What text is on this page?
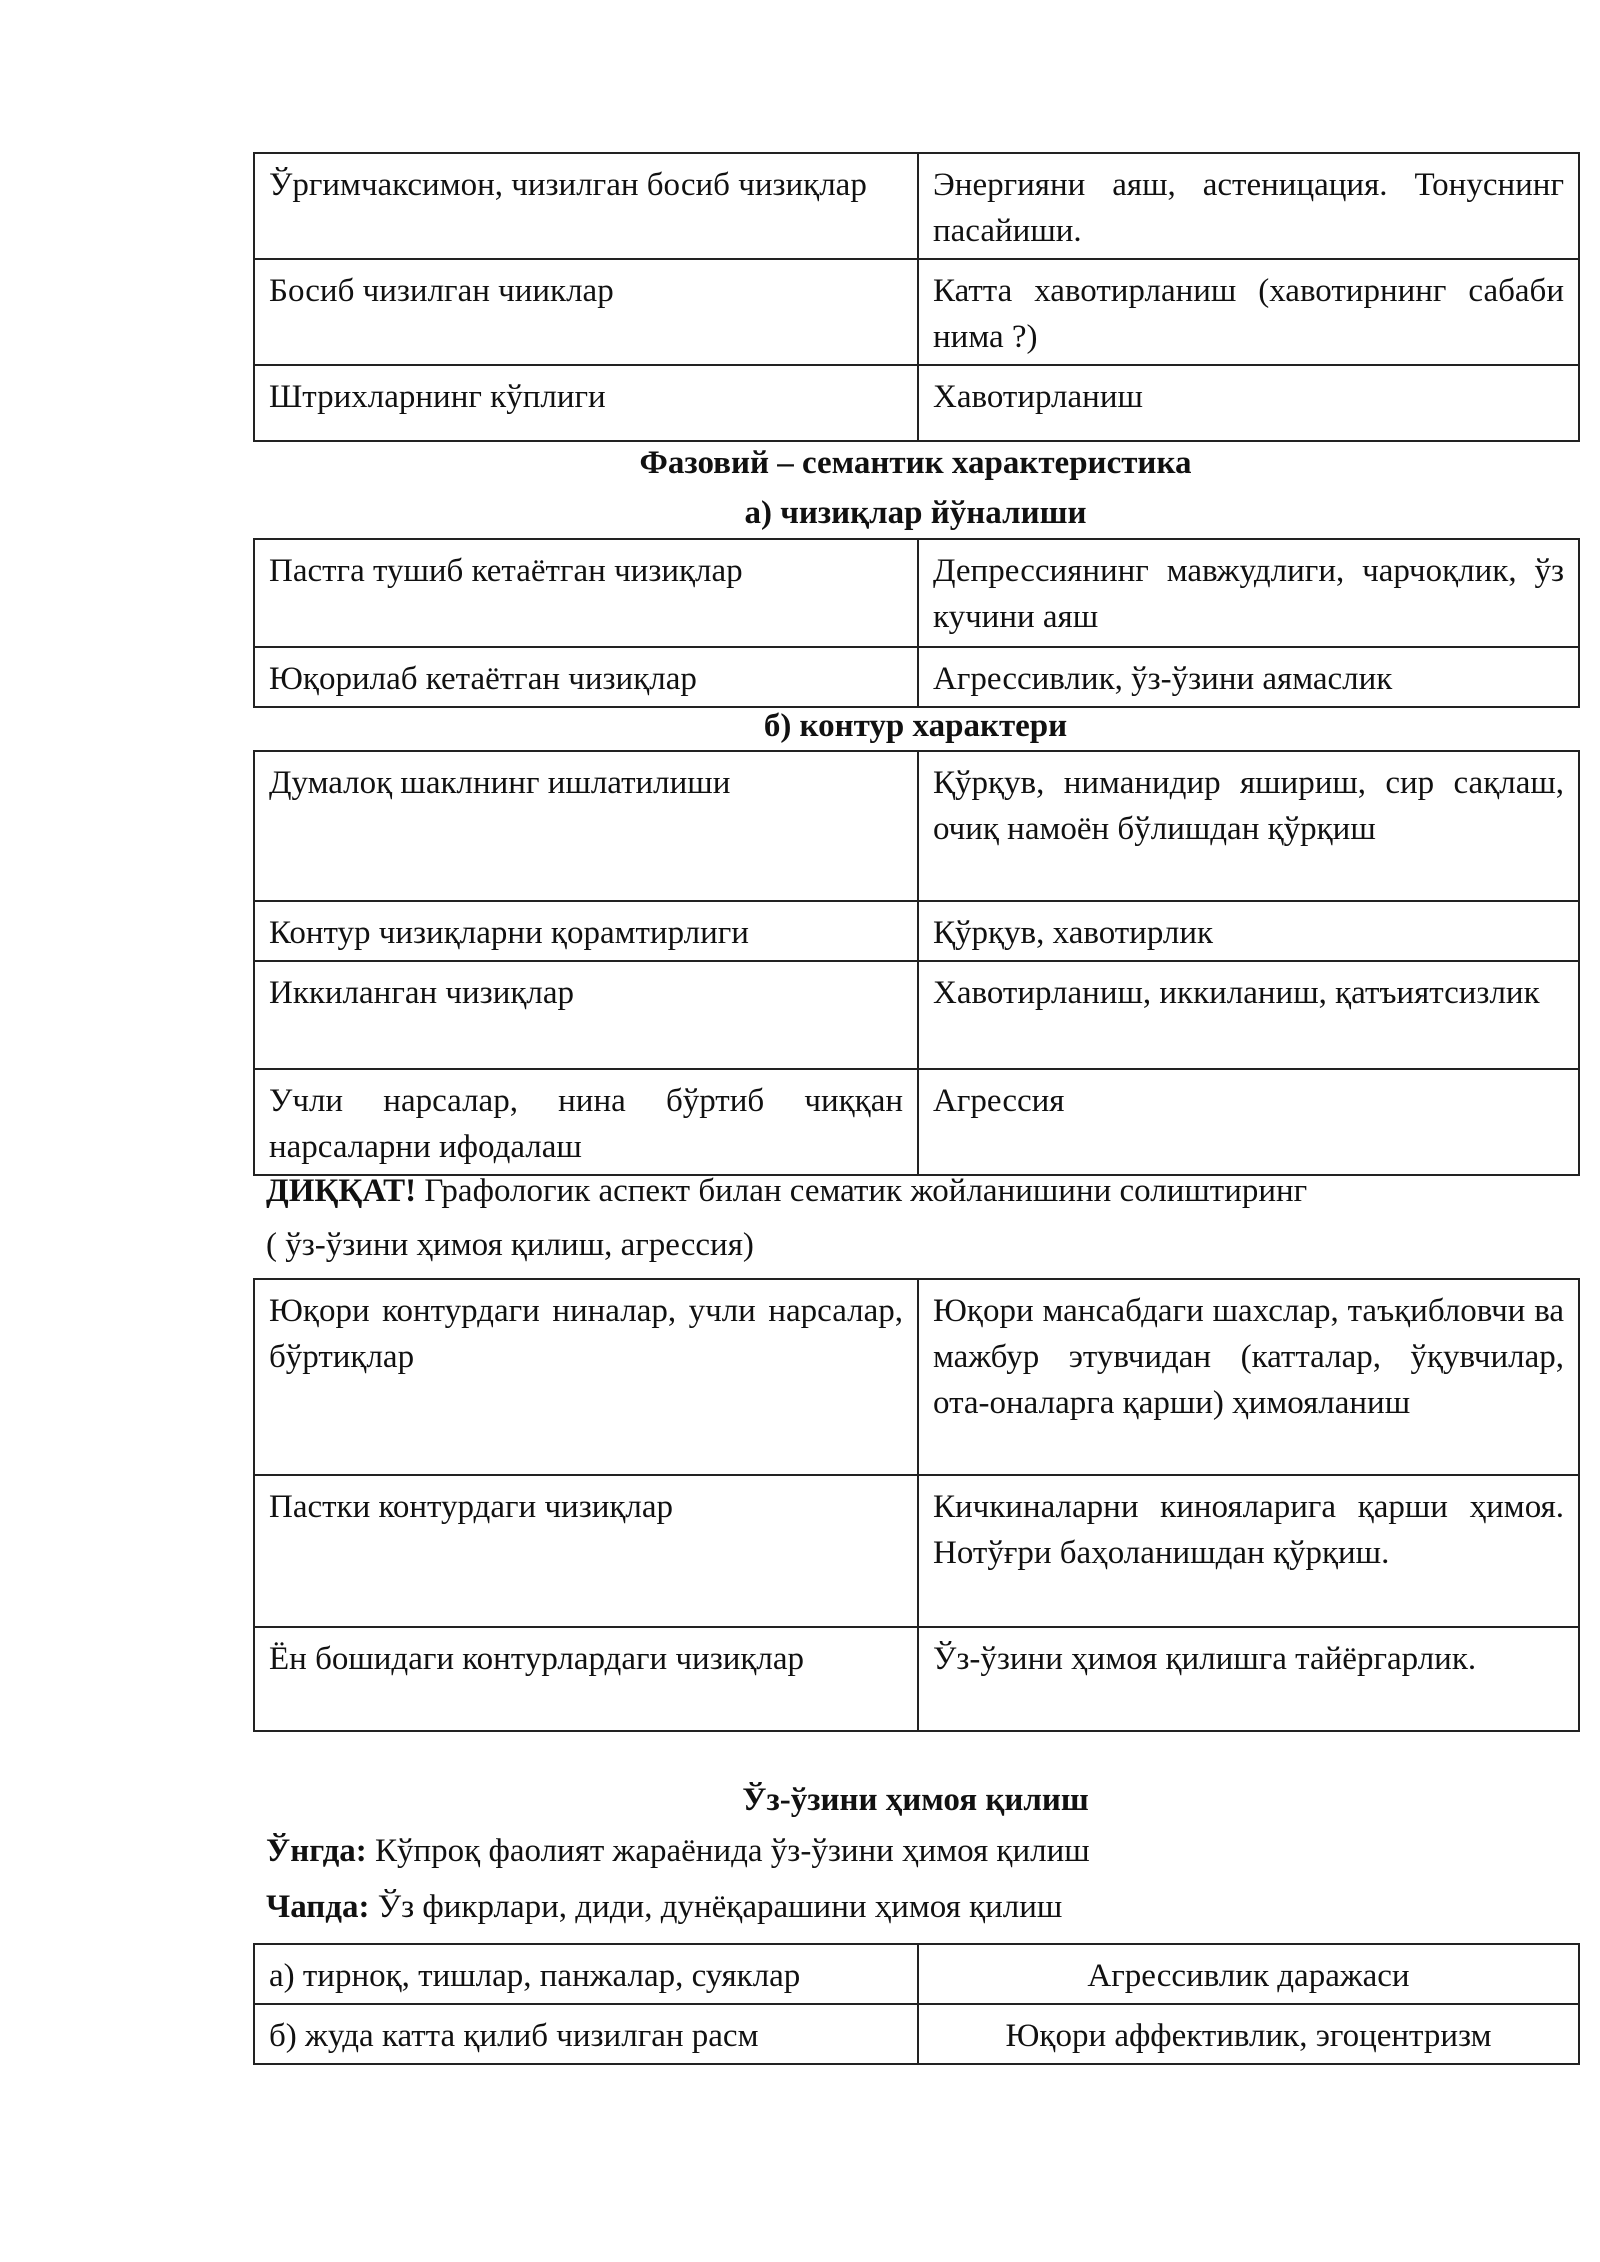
Ўргимчаксимон, чизилган босиб чизиқлар	Энергияни аяш, астеницация. Тонуснинг пасайиши.
Босиб чизилган чииклар	Катта хавотирланиш (хавотирнинг сабаби нима ?)
Штрихларнинг кўплиги	Хавотирланиш

Фазовий – семантик характеристика

а) чизиқлар йўналиши

Пастга тушиб кетаётган чизиқлар	Депрессиянинг мавжудлиги, чарчоқлик, ўз кучини аяш
Юқорилаб кетаётган чизиқлар	Агрессивлик, ўз-ўзини аямаслик

б) контур характери

Думалоқ шаклнинг ишлатилиши	Қўрқув, ниманидир яшириш, сир сақлаш, очиқ намоён бўлишдан қўрқиш
Контур чизиқларни қорамтирлиги	Қўрқув, хавотирлик
Иккиланган чизиқлар	Хавотирланиш, иккиланиш, қатъиятсизлик
Учли нарсалар, нина бўртиб чиққан нарсаларни ифодалаш	Агрессия

ДИҚҚАТ! Графологик аспект билан сематик жойланишини солиштиринг

( ўз-ўзини ҳимоя қилиш, агрессия)

Юқори контурдаги ниналар, учли нарсалар, бўртиқлар	Юқори мансабдаги шахслар, таъқибловчи ва мажбур этувчидан (катталар, ўқувчилар, ота-оналарга қарши) ҳимояланиш
Пастки контурдаги чизиқлар	Кичкиналарни кинояларига қарши ҳимоя. Нотўғри баҳоланишдан қўрқиш.
Ён бошидаги контурлардаги чизиқлар	Ўз-ўзини ҳимоя қилишга тайёргарлик.

Ўз-ўзини ҳимоя қилиш

Ўнгда: Кўпроқ фаолият жараёнида ўз-ўзини ҳимоя қилиш

Чапда: Ўз фикрлари, диди, дунёқарашини ҳимоя қилиш

а) тирноқ, тишлар, панжалар, суяклар	Агрессивлик даражаси
б) жуда катта қилиб чизилган расм	Юқори аффективлик, эгоцентризм
